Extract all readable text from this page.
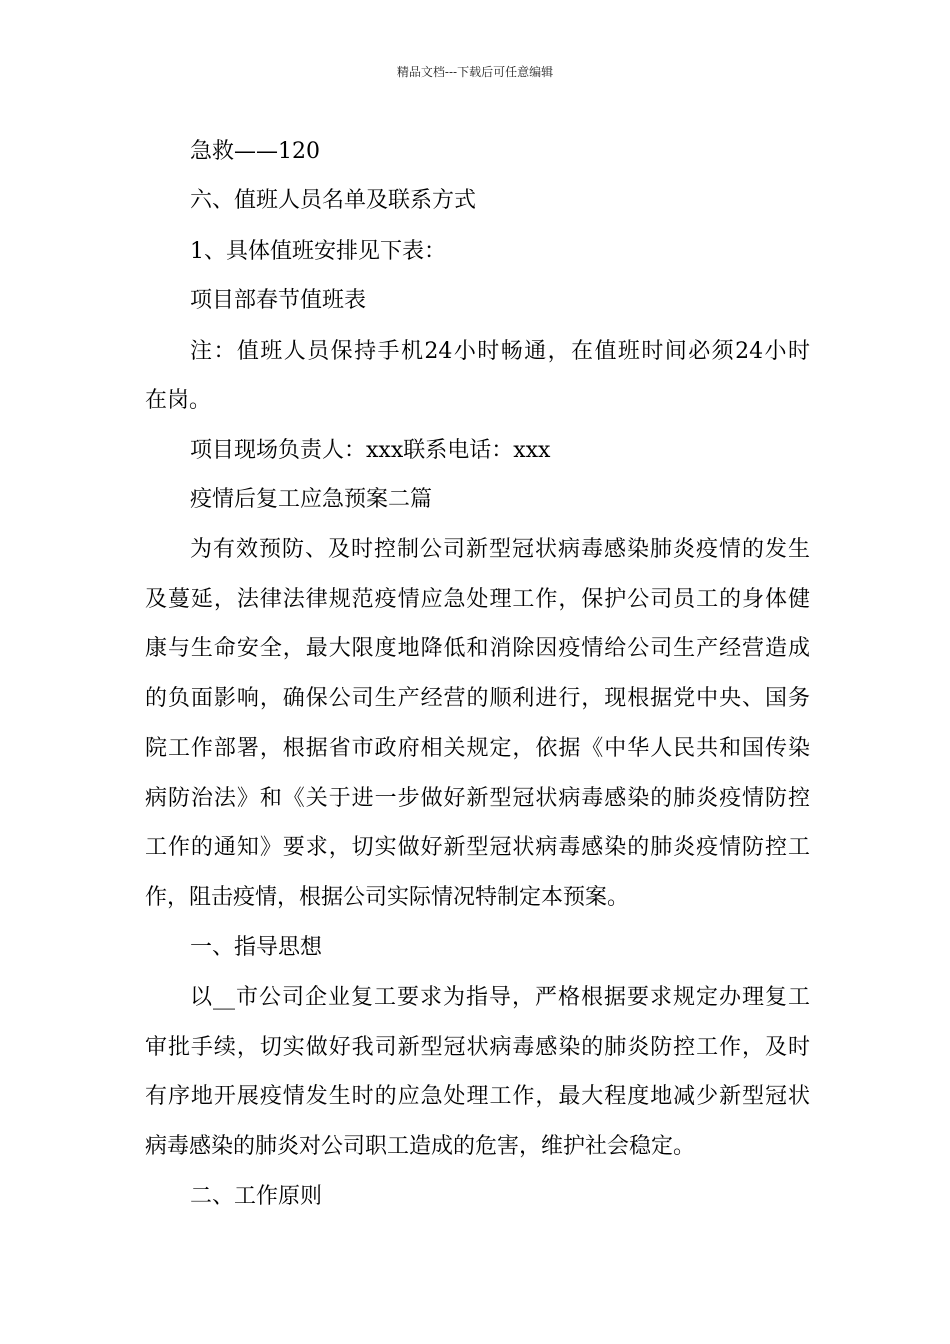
精品文档---下载后可任意编辑
急救——120
六、值班人员名单及联系方式
1、具体值班安排见下表：
项目部春节值班表
注：值班人员保持手机24小时畅通，在值班时间必须24小时
在岗。
项目现场负责人：xxx联系电话：xxx
疫情后复工应急预案二篇
为有效预防、及时控制公司新型冠状病毒感染肺炎疫情的发生
及蔓延，法律法律规范疫情应急处理工作，保护公司员工的身体健
康与生命安全，最大限度地降低和消除因疫情给公司生产经营造成
的负面影响，确保公司生产经营的顺利进行，现根据党中央、国务
院工作部署，根据省市政府相关规定，依据《中华人民共和国传染
病防治法》和《关于进一步做好新型冠状病毒感染的肺炎疫情防控
工作的通知》要求，切实做好新型冠状病毒感染的肺炎疫情防控工
作，阻击疫情，根据公司实际情况特制定本预案。
一、指导思想
以__市公司企业复工要求为指导，严格根据要求规定办理复工
审批手续，切实做好我司新型冠状病毒感染的肺炎防控工作，及时
有序地开展疫情发生时的应急处理工作，最大程度地减少新型冠状
病毒感染的肺炎对公司职工造成的危害，维护社会稳定。
二、工作原则
